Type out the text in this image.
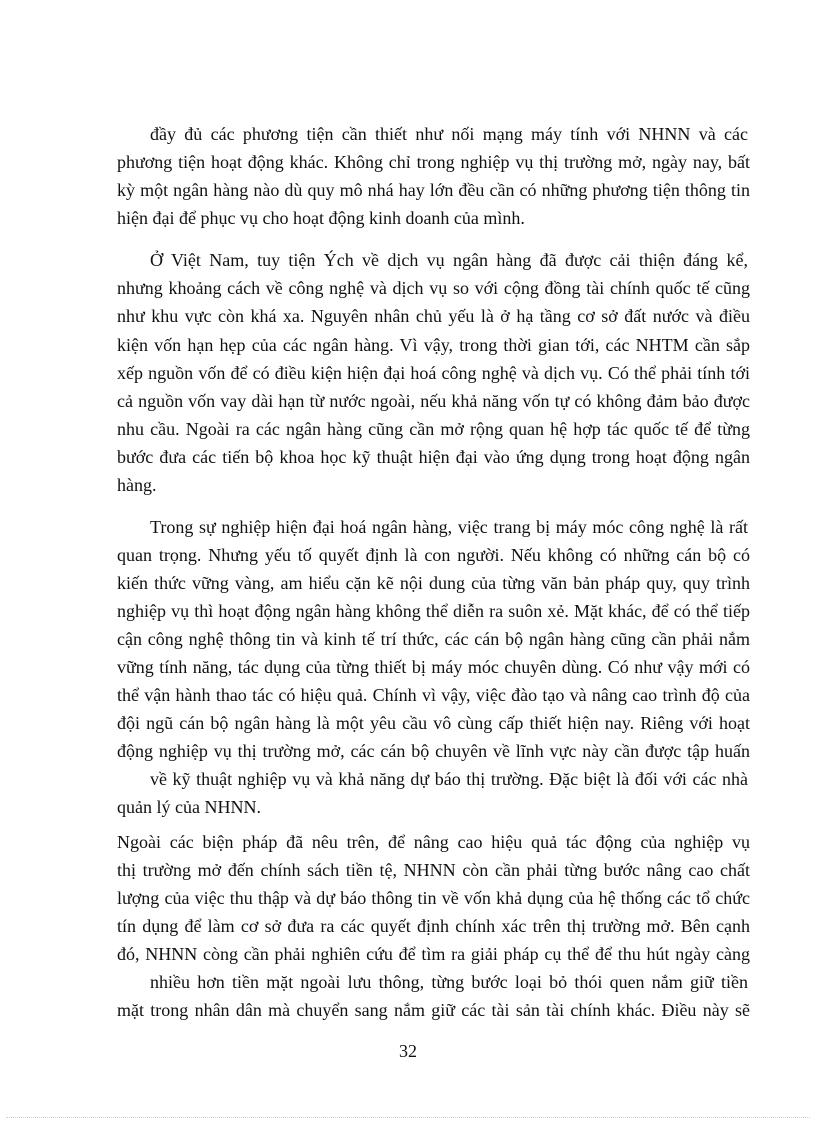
đầy đủ các phương tiện cần thiết như nối mạng máy tính với NHNN và các
phương tiện hoạt động khác. Không chỉ trong nghiệp vụ thị trường mở, ngày nay, bất
kỳ một ngân hàng nào dù quy mô nhá hay lớn đều cần có những phương tiện thông tin
hiện đại để phục vụ cho hoạt động kinh doanh của mình.
Ở Việt Nam, tuy tiện Ých về dịch vụ ngân hàng đã được cải thiện đáng kể,
nhưng khoảng cách về công nghệ và dịch vụ so với cộng đồng tài chính quốc tế cũng
như khu vực còn khá xa. Nguyên nhân chủ yếu là ở hạ tầng cơ sở đất nước và điều
kiện vốn hạn hẹp của các ngân hàng. Vì vậy, trong thời gian tới, các NHTM cần sắp
xếp nguồn vốn để có điều kiện hiện đại hoá công nghệ và dịch vụ. Có thể phải tính tới
cả nguồn vốn vay dài hạn từ nước ngoài, nếu khả năng vốn tự có không đảm bảo được
nhu cầu. Ngoài ra các ngân hàng cũng cần mở rộng quan hệ hợp tác quốc tế để từng
bước đưa các tiến bộ khoa học kỹ thuật hiện đại vào ứng dụng trong hoạt động ngân
hàng.
Trong sự nghiệp hiện đại hoá ngân hàng, việc trang bị máy móc công nghệ là rất
quan trọng. Nhưng yếu tố quyết định là con người. Nếu không có những cán bộ có
kiến thức vững vàng, am hiểu cặn kẽ nội dung của từng văn bản pháp quy, quy trình
nghiệp vụ thì hoạt động ngân hàng không thể diễn ra suôn xẻ. Mặt khác, để có thể tiếp
cận công nghệ thông tin và kinh tế trí thức, các cán bộ ngân hàng cũng cần phải nắm
vững tính năng, tác dụng của từng thiết bị máy móc chuyên dùng. Có như vậy mới có
thể vận hành thao tác có hiệu quả. Chính vì vậy, việc đào tạo và nâng cao trình độ của
đội ngũ cán bộ ngân hàng là một yêu cầu vô cùng cấp thiết hiện nay. Riêng với hoạt
động nghiệp vụ thị trường mở, các cán bộ chuyên về lĩnh vực này cần được tập huấn
về kỹ thuật nghiệp vụ và khả năng dự báo thị trường. Đặc biệt là đối với các nhà
quản lý của NHNN.
Ngoài các biện pháp đã nêu trên, để nâng cao hiệu quả tác động của nghiệp vụ
thị trường mở đến chính sách tiền tệ, NHNN còn cần phải từng bước nâng cao chất
lượng của việc thu thập và dự báo thông tin về vốn khả dụng của hệ thống các tổ chức
tín dụng để làm cơ sở đưa ra các quyết định chính xác trên thị trường mở. Bên cạnh
đó, NHNN còng cần phải nghiên cứu để tìm ra giải pháp cụ thể để thu hút ngày càng
nhiều hơn tiền mặt ngoài lưu thông, từng bước loại bỏ thói quen nắm giữ tiền
mặt trong nhân dân mà chuyển sang nắm giữ các tài sản tài chính khác. Điều này sẽ
32
